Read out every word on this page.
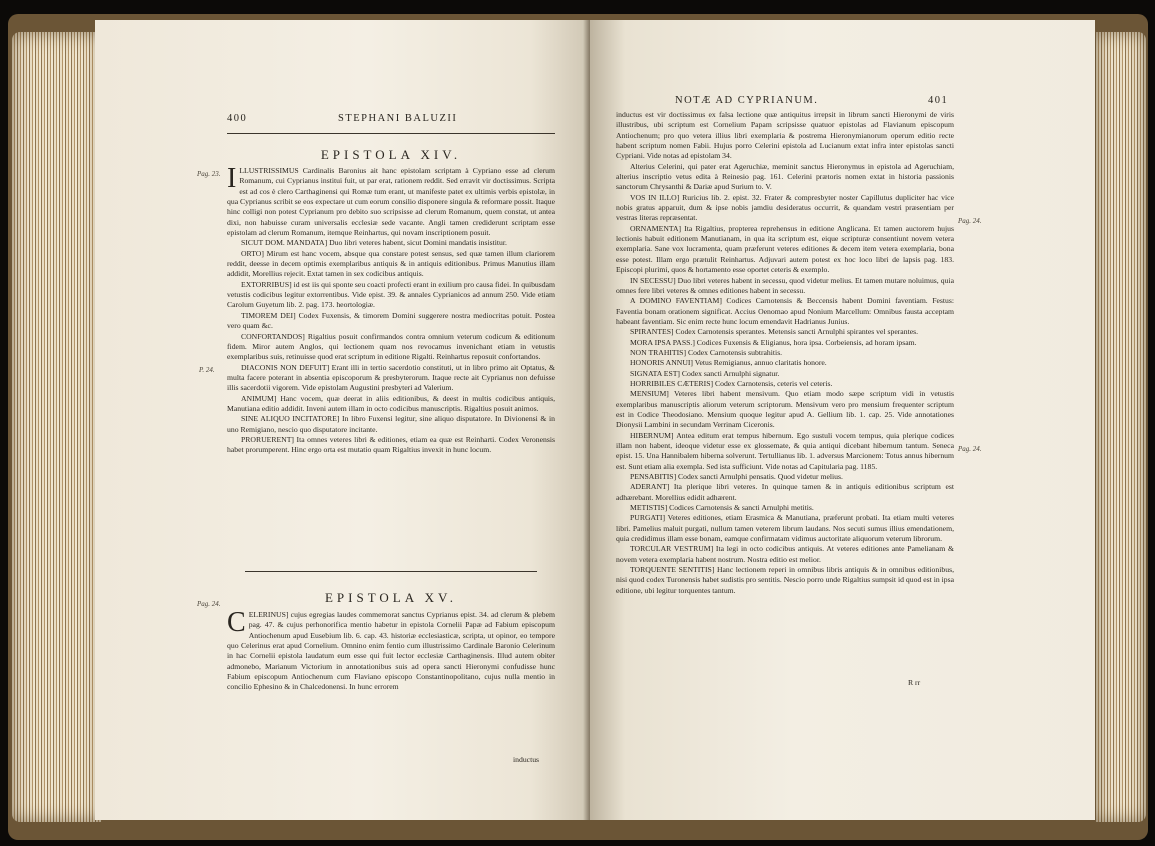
400	STEPHANI BALUZII
EPISTOLA XIV.

ILLUSTRISSIMUS Cardinalis Baronius ait hanc epistolam scriptam à Cypriano esse ad clerum Romanum, cui Cyprianus institui fuit, ut par erat, rationem reddit. Sed erravit vir doctissimus. Scripta est ad cos è clero Carthaginensi qui Romæ tum erant, ut manifeste patet ex ultimis verbis epistolæ, in qua Cyprianus scribit se eos expectare ut cum eorum consilio disponere singula & reformare possit. Itaque hinc colligi non potest Cyprianum pro debito suo scripsisse ad clerum Romanum, quem constat, ut antea dixi, non habuisse curam universalis ecclesiæ sede vacante. Angli tamen crediderunt scriptam esse epistolam ad clerum Romanum, itemque Reinhartus, qui novam inscriptionem posuit.

SICUT DOM. MANDATA] Duo libri veteres habent, sicut Domini mandatis insistitur.

ORTO] Mirum est hanc vocem, absque qua constare potest sensus, sed quæ tamen illum clariorem reddit, deesse in decem optimis exemplaribus antiquis & in antiquis editionibus. Primus Manutius illam addidit, Morellius rejecit. Extat tamen in sex codicibus antiquis.

EXTORRIBUS] id est iis qui sponte seu coacti profecti erant in exilium pro causa fidei. In quibusdam vetustis codicibus legitur extorrentibus. Vide epist. 39. & annales Cyprianicos ad annum 250. Vide etiam Carolum Guyetum lib. 2. pag. 173. heortologiæ.

TIMOREM DEI] Codex Fuxensis, & timorem Domini suggerere nostra mediocritas potuit. Postea vero quam &c.

CONFORTANDOS] Rigaltius posuit confirmandos contra omnium veterum codicum & editionum fidem. Miror autem Anglos, qui lectionem quam nos revocamus invenichant etiam in vetustis exemplaribus suis, retinuisse quod erat scriptum in editione Rigalti. Reinhartus reposuit confortandos.

DIACONIS NON DEFUIT] Erant illi in tertio sacerdotio constituti, ut in libro primo ait Optatus, & multa facere poterant in absentia episcoporum & presbyterorum. Itaque recte ait Cyprianus non defuisse illis sacerdotii vigorem. Vide epistolam Augustini presbyteri ad Valerium.

ANIMUM] Hanc vocem, quæ deerat in aliis editionibus, & deest in multis codicibus antiquis, Manutiana editio addidit. Inveni autem illam in octo codicibus manuscriptis. Rigaltius posuit animos.

SINE ALIQUO INCITATORE] In libro Fuxensi legitur, sine aliquo disputatore. In Divionensi & in uno Remigiano, nescio quo disputatore incitante.

PRORUERENT] Ita omnes veteres libri & editiones, etiam ea quæ est Reinharti. Codex Veronensis habet prorumperent. Hinc ergo orta est mutatio quam Rigaltius invexit in hunc locum.

EPISTOLA XV.

CELERINUS] cujus egregias laudes commemorat sanctus Cyprianus epist. 34. ad clerum & plebem pag. 47. & cujus perhonorifica mentio habetur in epistola Cornelii Papæ ad Fabium episcopum Antiochenum apud Eusebium lib. 6. cap. 43. historiæ ecclesiasticæ, scripta, ut opinor, eo tempore quo Celerinus erat apud Cornelium. Omnino enim fentio cum illustrissimo Cardinale Baronio Celerinum in hac Cornelii epistola laudatum eum esse qui fuit lector ecclesiæ Carthaginensis. Illud autem obiter admonebo, Marianum Victorium in annotationibus suis ad opera sancti Hieronymi confudisse hunc Fabium episcopum Antiochenum cum Flaviano episcopo Constantinopolitano, cujus nulla mentio in concilio Ephesino & in Chalcedonensi. In hunc errorem

inductus
Pag. 23.
P. 24.
Pag. 24.
NOTÆ AD CYPRIANUM.	401

inductus est vir doctissimus ex falsa lectione quæ antiquitus irrepsit in librum sancti Hieronymi de viris illustribus, ubi scriptum est Cornelium Papam scripsisse quatuor epistolas ad Flavianum episcopum Antiochenum; pro quo vetera illius libri exemplaria & postrema Hieronymianorum operum editio recte habent scriptum nomen Fabii. Hujus porro Celerini epistola ad Lucianum extat infra inter epistolas sancti Cypriani. Vide notas ad epistolam 34.

Alterius Celerini, qui pater erat Ageruchiæ, meminit sanctus Hieronymus in epistola ad Ageruchiam, alterius inscriptio vetus edita à Reinesio pag. 161. Celerini prætoris nomen extat in historia passionis sanctorum Chrysanthi & Dariæ apud Surium to. V.

VOS IN ILLO] Ruricius lib. 2. epist. 32. Frater & compresbyter noster Capillutus dupliciter hac vice nobis gratus apparuit, dum & ipse nobis jamdiu desideratus occurrit, & quandam vestri præsentiam per vestras literas repræsentat.

ORNAMENTA] Ita Rigaltius, propterea reprehensus in editione Anglicana. Et tamen auctorem hujus lectionis habuit editionem Manutianam, in qua ita scriptum est, eique scripturæ consentiunt novem vetera exemplaria. Sane vox lucramenta, quam præferunt veteres editiones & decem item vetera exemplaria, bona esse potest. Illam ergo prætulit Reinhartus. Adjuvari autem potest ex hoc loco libri de lapsis pag. 183. Episcopi plurimi, quos & hortamento esse oportet ceteris & exemplo.

IN SECESSU] Duo libri veteres habent in secessu, quod videtur melius. Et tamen mutare noluimus, quia omnes fere libri veteres & omnes editiones habent in secessu.

A DOMINO FAVENTIAM] Codices Carnotensis & Beccensis habent Domini faventiam. Festus: Faventia bonam orationem significat. Accius Oenomao apud Nonium Marcellum: Omnibus fausta acceptam habeant faventiam. Sic enim recte hunc locum emendavit Hadrianus Junius.

SPIRANTES] Codex Carnotensis sperantes. Metensis sancti Arnulphi spirantes vel sperantes.

MORA IPSA PASS.] Codices Fuxensis & Eligianus, hora ipsa. Corbeiensis, ad horam ipsam.

NON TRAHITIS] Codex Carnotensis subtrahitis.

HONORIS ANNUI] Vetus Remigianus, annuo claritatis honore.

SIGNATA EST] Codex sancti Arnulphi signatur.

HORRIBILES CÆTERIS] Codex Carnotensis, ceteris vel ceteris.

MENSIUM] Veteres libri habent mensivum. Quo etiam modo sæpe scriptum vidi in vetustis exemplaribus manuscriptis aliorum veterum scriptorum. Mensivum vero pro mensium frequenter scriptum est in Codice Theodosiano. Mensium quoque legitur apud A. Gellium lib. 1. cap. 25. Vide annotationes Dionysii Lambini in secundam Verrinam Ciceronis.

HIBERNUM] Antea editum erat tempus hibernum. Ego sustuli vocem tempus, quia plerique codices illam non habent, ideoque videtur esse ex glossemate, & quia antiqui dicebant hibernum tantum. Seneca epist. 15. Una Hannibalem hiberna solverunt. Tertullianus lib. 1. adversus Marcionem: Totus annus hibernum est. Sunt etiam alia exempla. Sed ista sufficiunt. Vide notas ad Capitularia pag. 1185.

PENSABITIS] Codex sancti Arnulphi pensatis. Quod videtur melius.

ADERANT] Ita plerique libri veteres. In quinque tamen & in antiquis editionibus scriptum est adhærebant. Morellius edidit adhærent.

METISTIS] Codices Carnotensis & sancti Arnulphi metitis.

PURGATI] Veteres editiones, etiam Erasmica & Manutiana, præferunt probati. Ita etiam multi veteres libri. Pamelius maluit purgati, nullum tamen veterem librum laudans. Nos secuti sumus illius emendationem, quia credidimus illam esse bonam, eamque confirmatam vidimus auctoritate aliquorum veterum librorum.

TORCULAR VESTRUM] Ita legi in octo codicibus antiquis. At veteres editiones ante Pamelianam & novem vetera exemplaria habent nostrum. Nostra editio est melior.

TORQUENTE SENTITIS] Hanc lectionem reperi in omnibus libris antiquis & in omnibus editionibus, nisi quod codex Turonensis habet sudistis pro sentitis. Nescio porro unde Rigaltius sumpsit id quod est in ipsa editione, ubi legitur torquentes tantum.

R rr
Pag. 24.
Pag. 24.
